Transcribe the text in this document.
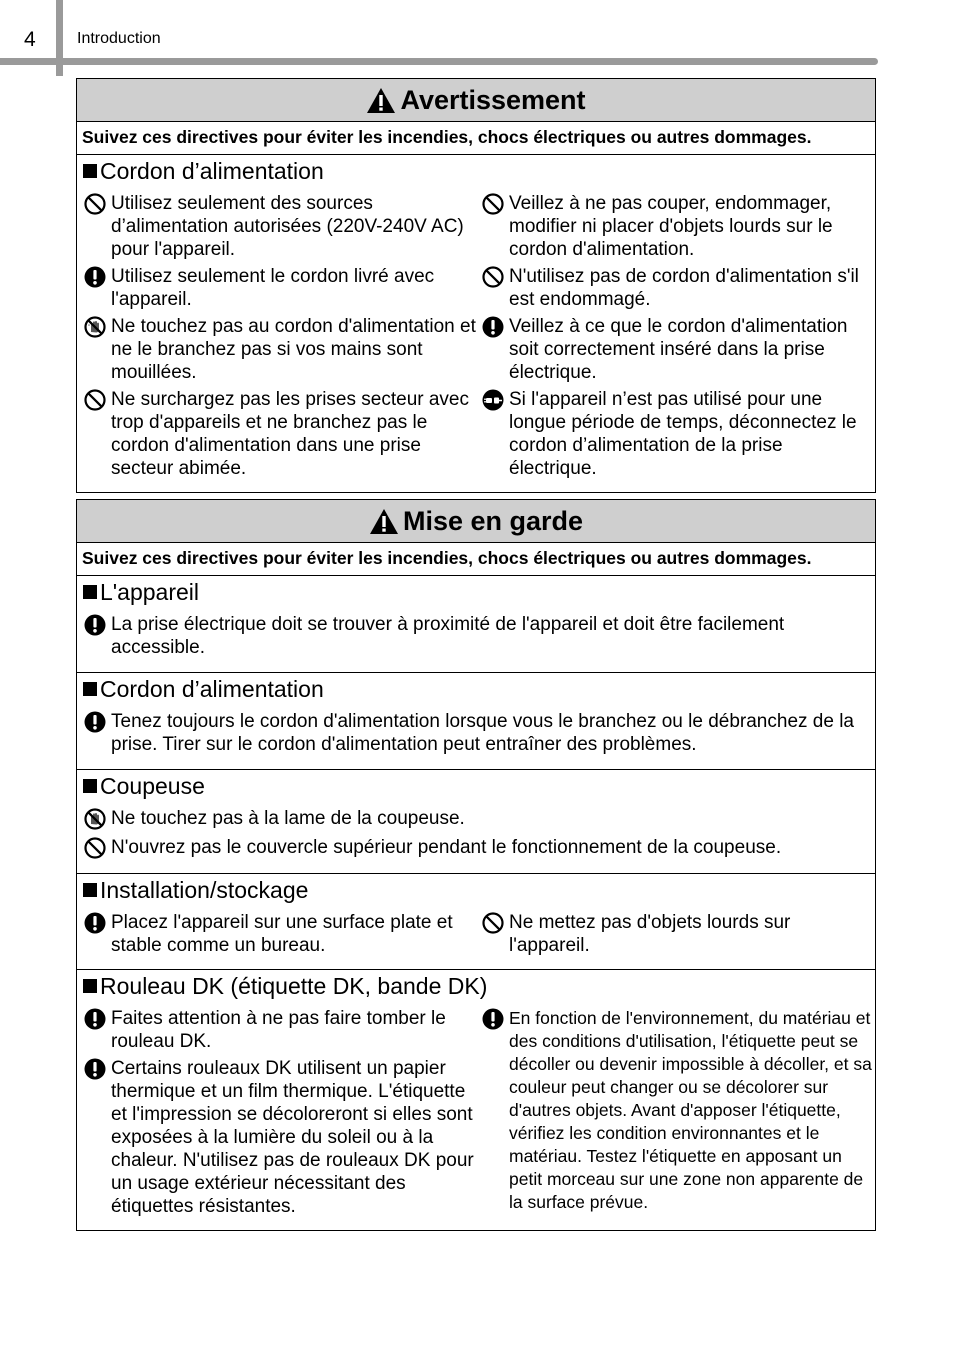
4	Introduction
Avertissement
Suivez ces directives pour éviter les incendies, chocs électriques ou autres dommages.
Cordon d’alimentation
Utilisez seulement des sources d’alimentation autorisées (220V-240V AC) pour l'appareil.
Utilisez seulement le cordon livré avec l'appareil.
Ne touchez pas au cordon d'alimentation et ne le branchez pas si vos mains sont mouillées.
Ne surchargez pas les prises secteur avec trop d'appareils et ne branchez pas le cordon d'alimentation dans une prise secteur abimée.
Veillez à ne pas couper, endommager, modifier ni placer d'objets lourds sur le cordon d'alimentation.
N'utilisez pas de cordon d'alimentation s'il est endommagé.
Veillez à ce que le cordon d'alimentation soit correctement inséré dans la prise électrique.
Si l'appareil n’est pas utilisé pour une longue période de temps, déconnectez le cordon d’alimentation de la prise électrique.
Mise en garde
Suivez ces directives pour éviter les incendies, chocs électriques ou autres dommages.
L'appareil
La prise électrique doit se trouver à proximité de l'appareil et doit être facilement accessible.
Cordon d’alimentation
Tenez toujours le cordon d'alimentation lorsque vous le branchez ou le débranchez de la prise. Tirer sur le cordon d'alimentation peut entraîner des problèmes.
Coupeuse
Ne touchez pas à la lame de la coupeuse.
N'ouvrez pas le couvercle supérieur pendant le fonctionnement de la coupeuse.
Installation/stockage
Placez l'appareil sur une surface plate et stable comme un bureau.
Ne mettez pas d'objets lourds sur l'appareil.
Rouleau DK (étiquette DK, bande DK)
Faites attention à ne pas faire tomber le rouleau DK.
Certains rouleaux DK utilisent un papier thermique et un film thermique. L'étiquette et l'impression se décoloreront si elles sont exposées à la lumière du soleil ou à la chaleur. N'utilisez pas de rouleaux DK pour un usage extérieur nécessitant des étiquettes résistantes.
En fonction de l'environnement, du matériau et des conditions d'utilisation, l'étiquette peut se décoller ou devenir impossible à décoller, et sa couleur peut changer ou se décolorer sur d'autres objets. Avant d'apposer l'étiquette, vérifiez les condition environnantes et le matériau. Testez l'étiquette en apposant un petit morceau sur une zone non apparente de la surface prévue.
